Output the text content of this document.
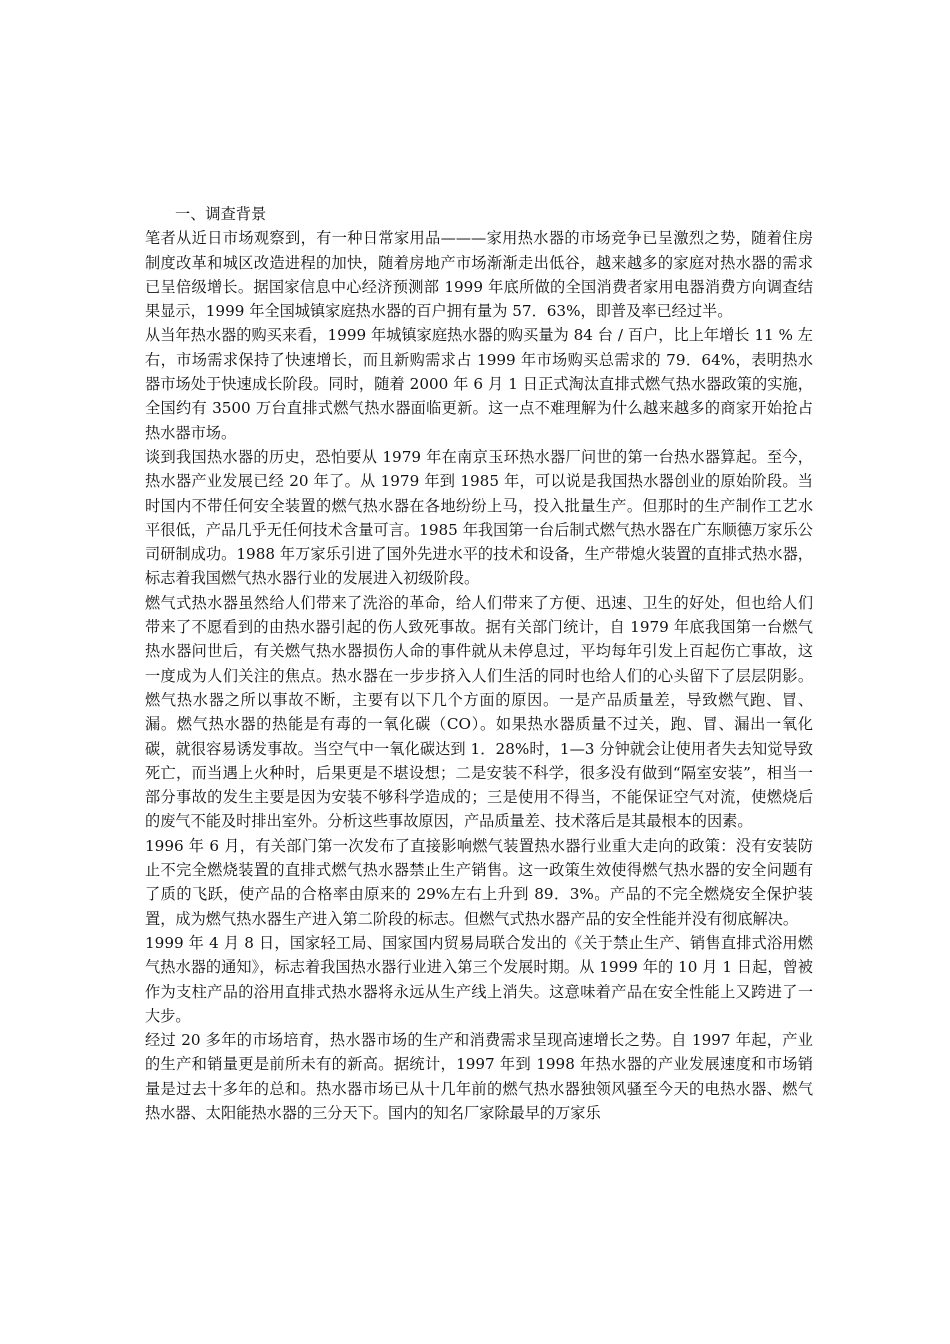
一、调查背景

笔者从近日市场观察到，有一种日常家用品———家用热水器的市场竞争已呈激烈之势，随着住房制度改革和城区改造进程的加快，随着房地产市场渐渐走出低谷，越来越多的家庭对热水器的需求已呈倍级增长。据国家信息中心经济预测部 1999 年底所做的全国消费者家用电器消费方向调查结果显示，1999 年全国城镇家庭热水器的百户拥有量为 57．63%，即普及率已经过半。

从当年热水器的购买来看，1999 年城镇家庭热水器的购买量为 84 台 / 百户，比上年增长 11 % 左右，市场需求保持了快速增长，而且新购需求占 1999 年市场购买总需求的 79．64%，表明热水器市场处于快速成长阶段。同时，随着 2000 年 6 月 1 日正式淘汰直排式燃气热水器政策的实施，全国约有 3500 万台直排式燃气热水器面临更新。这一点不难理解为什么越来越多的商家开始抢占热水器市场。

谈到我国热水器的历史，恐怕要从 1979 年在南京玉环热水器厂问世的第一台热水器算起。至今，热水器产业发展已经 20 年了。从 1979 年到 1985 年，可以说是我国热水器创业的原始阶段。当时国内不带任何安全装置的燃气热水器在各地纷纷上马，投入批量生产。但那时的生产制作工艺水平很低，产品几乎无任何技术含量可言。1985 年我国第一台后制式燃气热水器在广东顺德万家乐公司研制成功。1988 年万家乐引进了国外先进水平的技术和设备，生产带熄火装置的直排式热水器，标志着我国燃气热水器行业的发展进入初级阶段。

燃气式热水器虽然给人们带来了洗浴的革命，给人们带来了方便、迅速、卫生的好处，但也给人们带来了不愿看到的由热水器引起的伤人致死事故。据有关部门统计，自 1979 年底我国第一台燃气热水器问世后，有关燃气热水器损伤人命的事件就从未停息过，平均每年引发上百起伤亡事故，这一度成为人们关注的焦点。热水器在一步步挤入人们生活的同时也给人们的心头留下了层层阴影。燃气热水器之所以事故不断，主要有以下几个方面的原因。一是产品质量差，导致燃气跑、冒、漏。燃气热水器的热能是有毒的一氧化碳（CO）。如果热水器质量不过关，跑、冒、漏出一氧化碳，就很容易诱发事故。当空气中一氧化碳达到 1．28%时，1—3 分钟就会让使用者失去知觉导致死亡，而当遇上火种时，后果更是不堪设想；二是安装不科学，很多没有做到“隔室安装”，相当一部分事故的发生主要是因为安装不够科学造成的；三是使用不得当，不能保证空气对流，使燃烧后的废气不能及时排出室外。分析这些事故原因，产品质量差、技术落后是其最根本的因素。

1996 年 6 月，有关部门第一次发布了直接影响燃气装置热水器行业重大走向的政策：没有安装防止不完全燃烧装置的直排式燃气热水器禁止生产销售。这一政策生效使得燃气热水器的安全问题有了质的飞跃，使产品的合格率由原来的 29%左右上升到 89．3%。产品的不完全燃烧安全保护装置，成为燃气热水器生产进入第二阶段的标志。但燃气式热水器产品的安全性能并没有彻底解决。

1999 年 4 月 8 日，国家轻工局、国家国内贸易局联合发出的《关于禁止生产、销售直排式浴用燃气热水器的通知》，标志着我国热水器行业进入第三个发展时期。从 1999 年的 10 月 1 日起，曾被作为支柱产品的浴用直排式热水器将永远从生产线上消失。这意味着产品在安全性能上又跨进了一大步。

经过 20 多年的市场培育，热水器市场的生产和消费需求呈现高速增长之势。自 1997 年起，产业的生产和销量更是前所未有的新高。据统计，1997 年到 1998 年热水器的产业发展速度和市场销量是过去十多年的总和。热水器市场已从十几年前的燃气热水器独领风骚至今天的电热水器、燃气热水器、太阳能热水器的三分天下。国内的知名厂家除最早的万家乐
